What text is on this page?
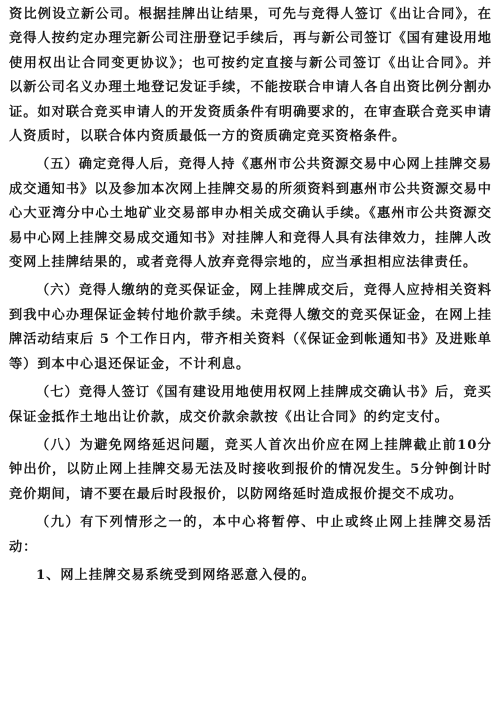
资比例设立新公司。根据挂牌出让结果，可先与竞得人签订《出让合同》，在竞得人按约定办理完新公司注册登记手续后，再与新公司签订《国有建设用地使用权出让合同变更协议》；也可按约定直接与新公司签订《出让合同》。并以新公司名义办理土地登记发证手续，不能按联合申请人各自出资比例分割办证。如对联合竞买申请人的开发资质条件有明确要求的，在审查联合竞买申请人资质时，以联合体内资质最低一方的资质确定竞买资格条件。

（五）确定竞得人后，竞得人持《惠州市公共资源交易中心网上挂牌交易成交通知书》以及参加本次网上挂牌交易的所须资料到惠州市公共资源交易中心大亚湾分中心土地矿业交易部申办相关成交确认手续。《惠州市公共资源交易中心网上挂牌交易成交通知书》对挂牌人和竞得人具有法律效力，挂牌人改变网上挂牌结果的，或者竞得人放弃竞得宗地的，应当承担相应法律责任。

（六）竞得人缴纳的竞买保证金，网上挂牌成交后，竞得人应持相关资料到我中心办理保证金转付地价款手续。未竞得人缴交的竞买保证金，在网上挂牌活动结束后 5 个工作日内，带齐相关资料（《保证金到帐通知书》及进账单等）到本中心退还保证金，不计利息。

（七）竞得人签订《国有建设用地使用权网上挂牌成交确认书》后，竞买保证金抵作土地出让价款，成交价款余款按《出让合同》的约定支付。

（八）为避免网络延迟问题，竞买人首次出价应在网上挂牌截止前10分钟出价，以防止网上挂牌交易无法及时接收到报价的情况发生。5分钟倒计时竞价期间，请不要在最后时段报价，以防网络延时造成报价提交不成功。

（九）有下列情形之一的，本中心将暂停、中止或终止网上挂牌交易活动：

1、网上挂牌交易系统受到网络恶意入侵的。
